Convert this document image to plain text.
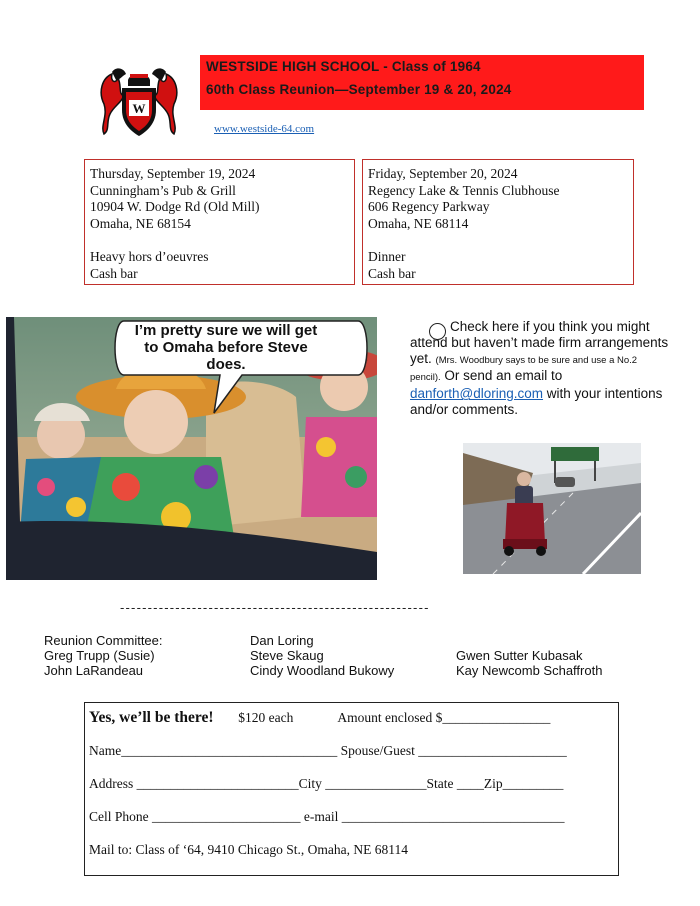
W
WESTSIDE HIGH SCHOOL - Class of 1964
60th Class Reunion—September 19 & 20, 2024
www.westside-64.com
Thursday, September 19, 2024
Cunningham’s Pub & Grill
10904 W. Dodge Rd (Old Mill)
Omaha, NE 68154
Heavy hors d’oeuvres
Cash bar
Friday, September 20, 2024
Regency Lake & Tennis Clubhouse
606 Regency Parkway
Omaha, NE 68114
Dinner
Cash bar
I’m pretty sure we will get to Omaha before Steve does.
Check here if you think you might attend but haven’t made firm arrangements yet. (Mrs. Woodbury says to be sure and use a No.2 pencil). Or send an email to danforth@dloring.com with your intentions and/or comments.
--------------------------------------------------------
Reunion Committee:
Greg Trupp (Susie)
John LaRandeau
Dan Loring
Steve Skaug
Cindy Woodland Bukowy
Gwen Sutter Kubasak
Kay Newcomb Schaffroth
Yes, we’ll be there! $120 each	Amount enclosed $________________
Name________________________________ Spouse/Guest ______________________
Address ________________________City _______________State ____Zip_________
Cell Phone ______________________ e-mail _________________________________
Mail to: Class of ‘64, 9410 Chicago St., Omaha, NE 68114
